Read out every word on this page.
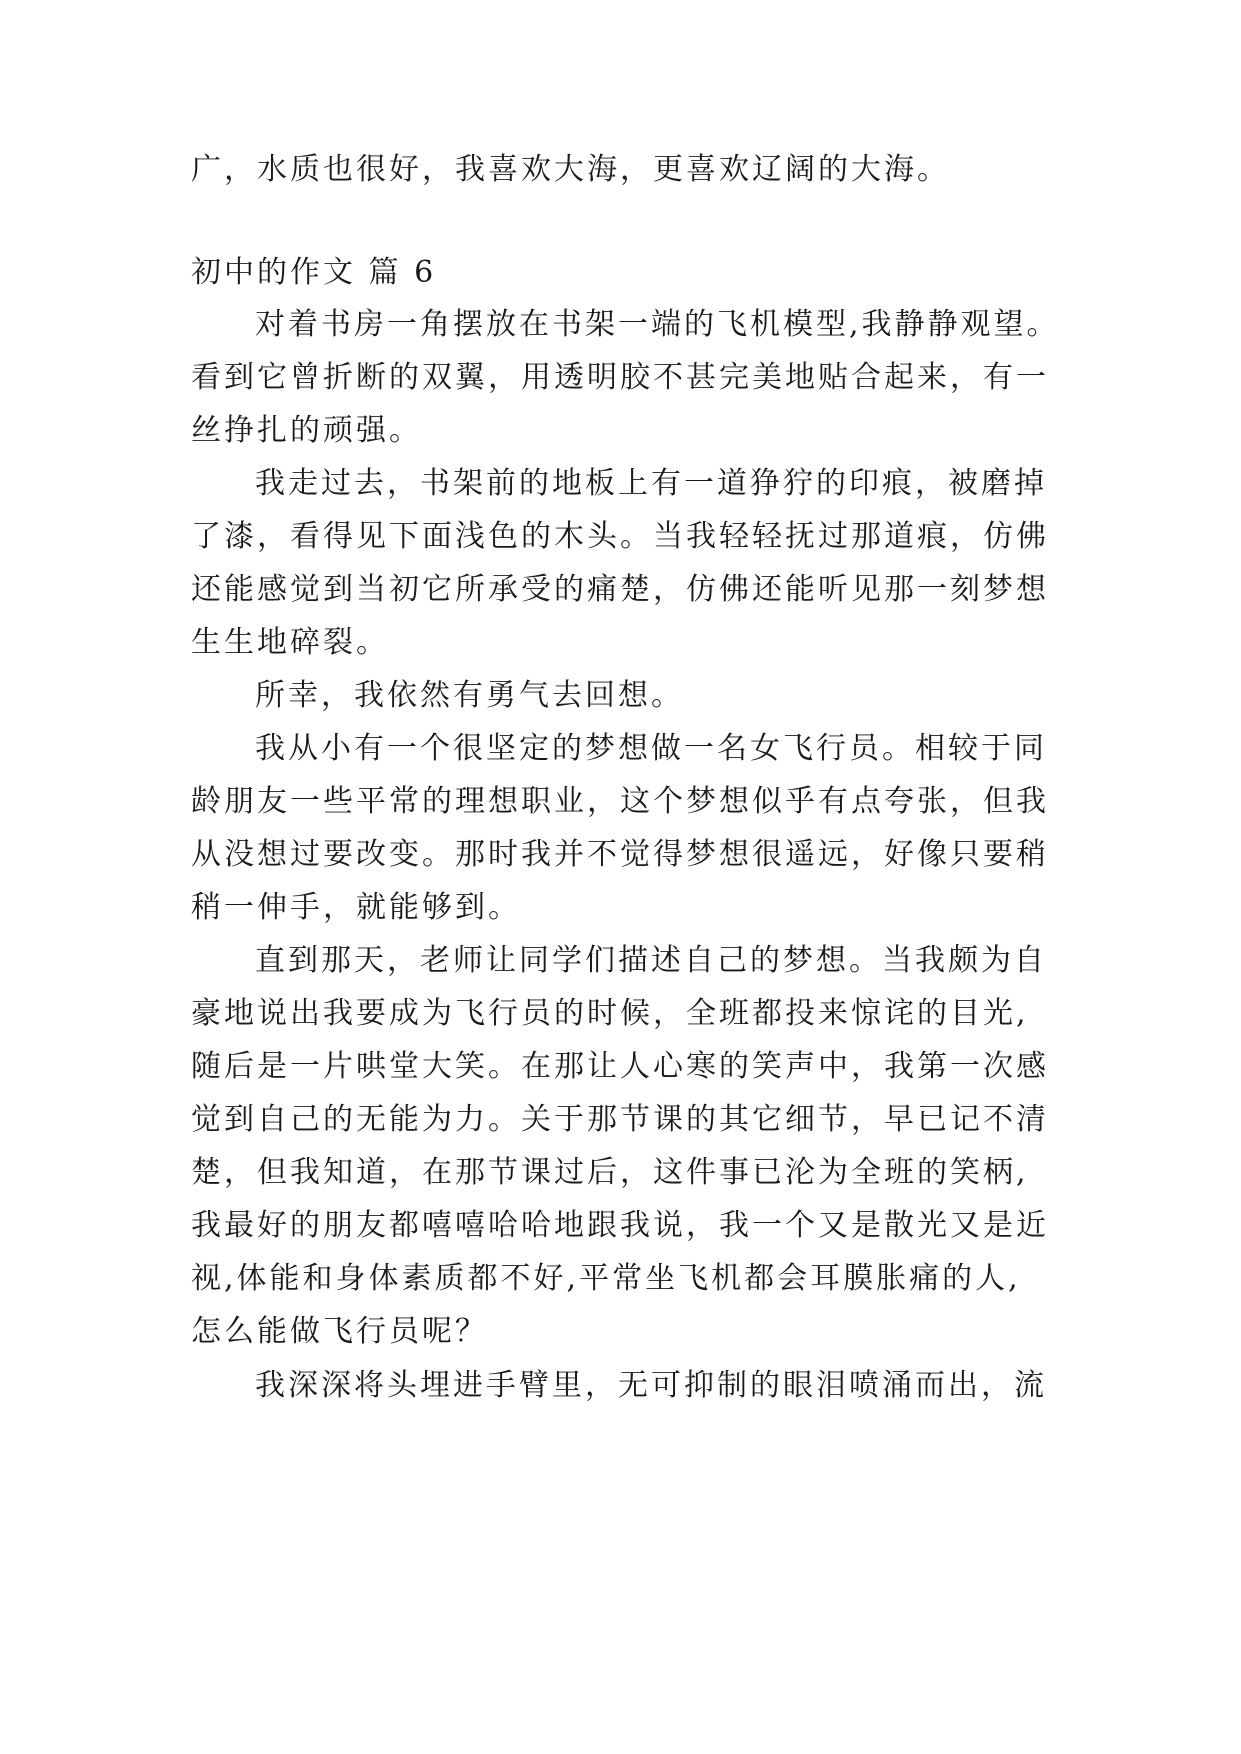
广，水质也很好，我喜欢大海，更喜欢辽阔的大海。
初中的作文 篇 6
对着书房一角摆放在书架一端的飞机模型,我静静观望。
看到它曾折断的双翼，用透明胶不甚完美地贴合起来，有一
丝挣扎的顽强。
我走过去，书架前的地板上有一道狰狞的印痕，被磨掉
了漆，看得见下面浅色的木头。当我轻轻抚过那道痕，仿佛
还能感觉到当初它所承受的痛楚，仿佛还能听见那一刻梦想
生生地碎裂。
所幸，我依然有勇气去回想。
我从小有一个很坚定的梦想做一名女飞行员。相较于同
龄朋友一些平常的理想职业，这个梦想似乎有点夸张，但我
从没想过要改变。那时我并不觉得梦想很遥远，好像只要稍
稍一伸手，就能够到。
直到那天，老师让同学们描述自己的梦想。当我颇为自
豪地说出我要成为飞行员的时候，全班都投来惊诧的目光,
随后是一片哄堂大笑。在那让人心寒的笑声中，我第一次感
觉到自己的无能为力。关于那节课的其它细节，早已记不清
楚，但我知道，在那节课过后，这件事已沦为全班的笑柄,
我最好的朋友都嘻嘻哈哈地跟我说，我一个又是散光又是近
视,体能和身体素质都不好,平常坐飞机都会耳膜胀痛的人,
怎么能做飞行员呢？
我深深将头埋进手臂里，无可抑制的眼泪喷涌而出，流
